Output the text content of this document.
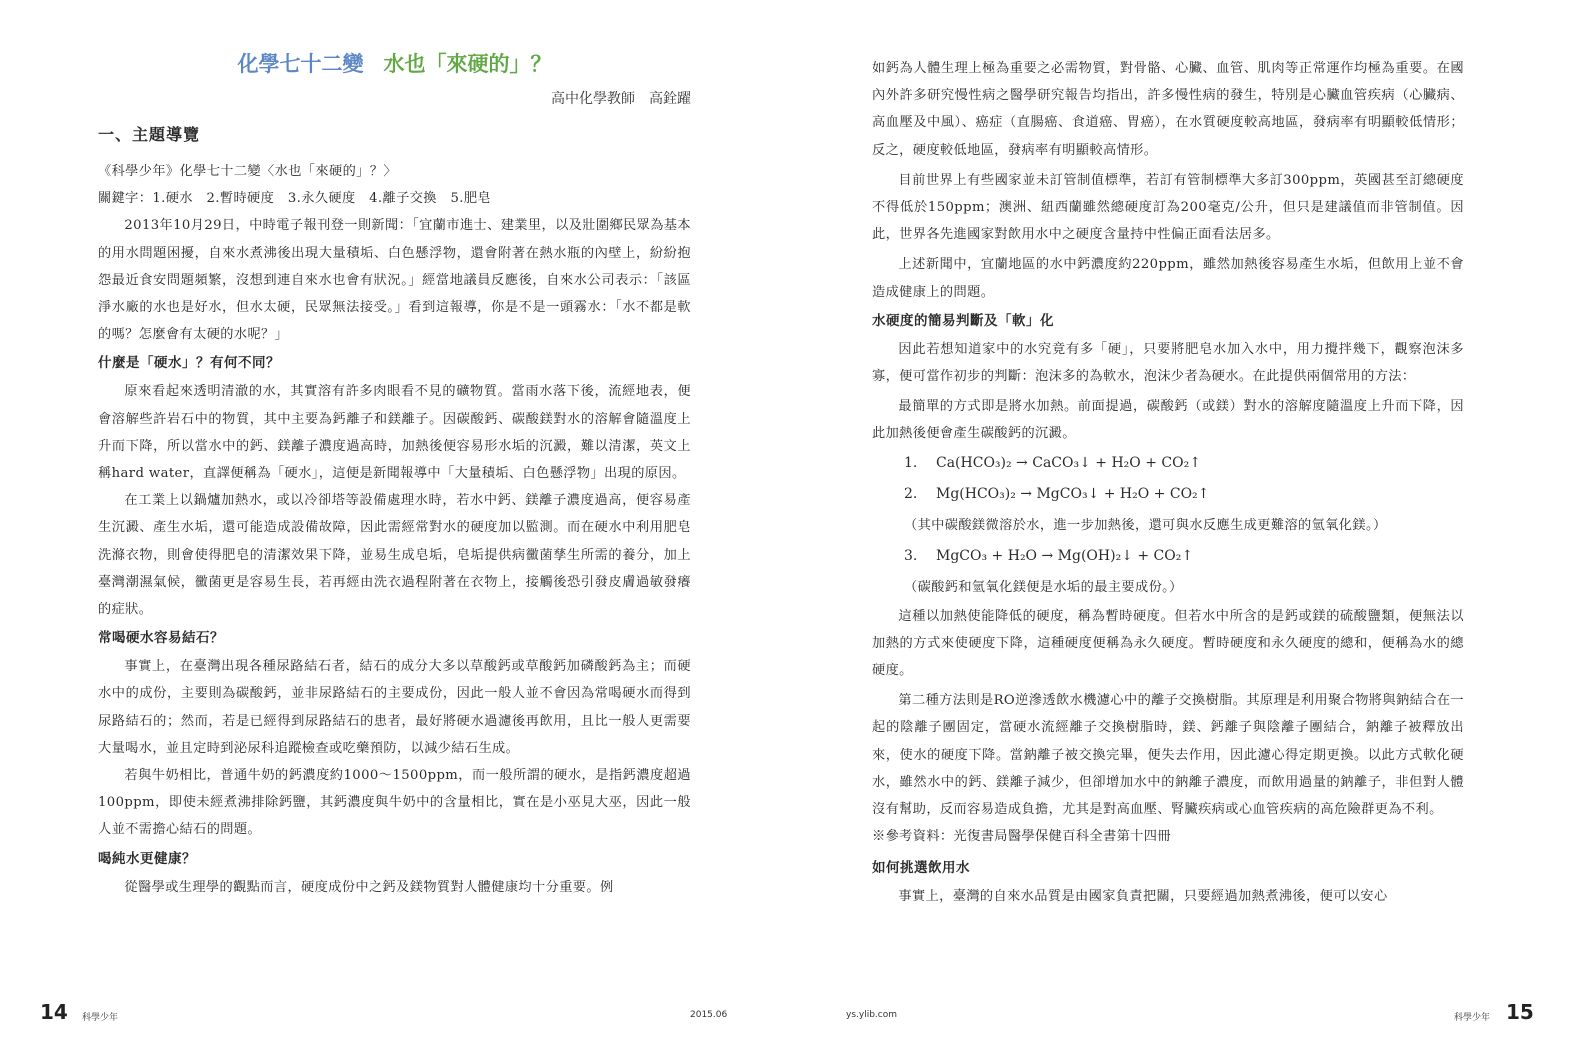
化學七十二變 水也「來硬的」？
高中化學教師　高銓躍

一、主題導覽

《科學少年》化學七十二變〈水也「來硬的」？〉

關鍵字：1.硬水　2.暫時硬度　3.永久硬度　4.離子交換　5.肥皂

2013年10月29日，中時電子報刊登一則新聞：「宜蘭市進士、建業里，以及壯圍鄉民眾為基本的用水問題困擾，自來水煮沸後出現大量積垢、白色懸浮物，還會附著在熱水瓶的內壁上，紛紛抱怨最近食安問題頻繁，沒想到連自來水也會有狀況。」經當地議員反應後，自來水公司表示：「該區淨水廠的水也是好水，但水太硬，民眾無法接受。」看到這報導，你是不是一頭霧水：「水不都是軟的嗎？怎麼會有太硬的水呢？」

什麼是「硬水」？有何不同？

原來看起來透明清澈的水，其實溶有許多肉眼看不見的礦物質。當雨水落下後，流經地表，便會溶解些許岩石中的物質，其中主要為鈣離子和鎂離子。因碳酸鈣、碳酸鎂對水的溶解會隨溫度上升而下降，所以當水中的鈣、鎂離子濃度過高時，加熱後便容易形水垢的沉澱，難以清潔，英文上稱hard water，直譯便稱為「硬水」，這便是新聞報導中「大量積垢、白色懸浮物」出現的原因。

在工業上以鍋爐加熱水，或以冷卻塔等設備處理水時，若水中鈣、鎂離子濃度過高，便容易產生沉澱、產生水垢，還可能造成設備故障，因此需經常對水的硬度加以監測。而在硬水中利用肥皂洗滌衣物，則會使得肥皂的清潔效果下降，並易生成皂垢，皂垢提供病黴菌孳生所需的養分，加上臺灣潮濕氣候，黴菌更是容易生長，若再經由洗衣過程附著在衣物上，接觸後恐引發皮膚過敏發癢的症狀。

常喝硬水容易結石？

事實上，在臺灣出現各種尿路結石者，結石的成分大多以草酸鈣或草酸鈣加磷酸鈣為主；而硬水中的成份，主要則為碳酸鈣，並非尿路結石的主要成份，因此一般人並不會因為常喝硬水而得到尿路結石的；然而，若是已經得到尿路結石的患者，最好將硬水過濾後再飲用，且比一般人更需要大量喝水，並且定時到泌尿科追蹤檢查或吃藥預防，以減少結石生成。

若與牛奶相比，普通牛奶的鈣濃度約1000～1500ppm，而一般所謂的硬水，是指鈣濃度超過100ppm，即使未經煮沸排除鈣鹽，其鈣濃度與牛奶中的含量相比，實在是小巫見大巫，因此一般人並不需擔心結石的問題。

喝純水更健康？

從醫學或生理學的觀點而言，硬度成份中之鈣及鎂物質對人體健康均十分重要。例

14 科學少年	2015.06

如鈣為人體生理上極為重要之必需物質，對骨骼、心臟、血管、肌肉等正常運作均極為重要。在國內外許多研究慢性病之醫學研究報告均指出，許多慢性病的發生，特別是心臟血管疾病（心臟病、高血壓及中風）、癌症（直腸癌、食道癌、胃癌），在水質硬度較高地區，發病率有明顯較低情形；反之，硬度較低地區，發病率有明顯較高情形。

目前世界上有些國家並未訂管制值標準，若訂有管制標準大多訂300ppm，英國甚至訂總硬度不得低於150ppm；澳洲、紐西蘭雖然總硬度訂為200毫克/公升，但只是建議值而非管制值。因此，世界各先進國家對飲用水中之硬度含量持中性偏正面看法居多。

上述新聞中，宜蘭地區的水中鈣濃度約220ppm，雖然加熱後容易產生水垢，但飲用上並不會造成健康上的問題。

水硬度的簡易判斷及「軟」化

因此若想知道家中的水究竟有多「硬」，只要將肥皂水加入水中，用力攪拌幾下，觀察泡沫多寡，便可當作初步的判斷：泡沫多的為軟水，泡沫少者為硬水。在此提供兩個常用的方法：

最簡單的方式即是將水加熱。前面提過，碳酸鈣（或鎂）對水的溶解度隨溫度上升而下降，因此加熱後便會產生碳酸鈣的沉澱。

1.	Ca(HCO₃)₂ → CaCO₃↓ + H₂O + CO₂↑
2.	Mg(HCO₃)₂ → MgCO₃↓ + H₂O + CO₂↑

（其中碳酸鎂微溶於水，進一步加熱後，還可與水反應生成更難溶的氫氧化鎂。）

3.	MgCO₃ + H₂O → Mg(OH)₂↓ + CO₂↑

（碳酸鈣和氫氧化鎂便是水垢的最主要成份。）

這種以加熱使能降低的硬度，稱為暫時硬度。但若水中所含的是鈣或鎂的硫酸鹽類，便無法以加熱的方式來使硬度下降，這種硬度便稱為永久硬度。暫時硬度和永久硬度的總和，便稱為水的總硬度。

第二種方法則是RO逆滲透飲水機濾心中的離子交換樹脂。其原理是利用聚合物將與鈉結合在一起的陰離子團固定，當硬水流經離子交換樹脂時，鎂、鈣離子與陰離子團結合，鈉離子被釋放出來，使水的硬度下降。當鈉離子被交換完畢，便失去作用，因此濾心得定期更換。以此方式軟化硬水，雖然水中的鈣、鎂離子減少，但卻增加水中的鈉離子濃度，而飲用過量的鈉離子，非但對人體沒有幫助，反而容易造成負擔，尤其是對高血壓、腎臟疾病或心血管疾病的高危險群更為不利。

※參考資料：光復書局醫學保健百科全書第十四冊

如何挑選飲用水

事實上，臺灣的自來水品質是由國家負責把關，只要經過加熱煮沸後，便可以安心

ys.ylib.com	科學少年 15
